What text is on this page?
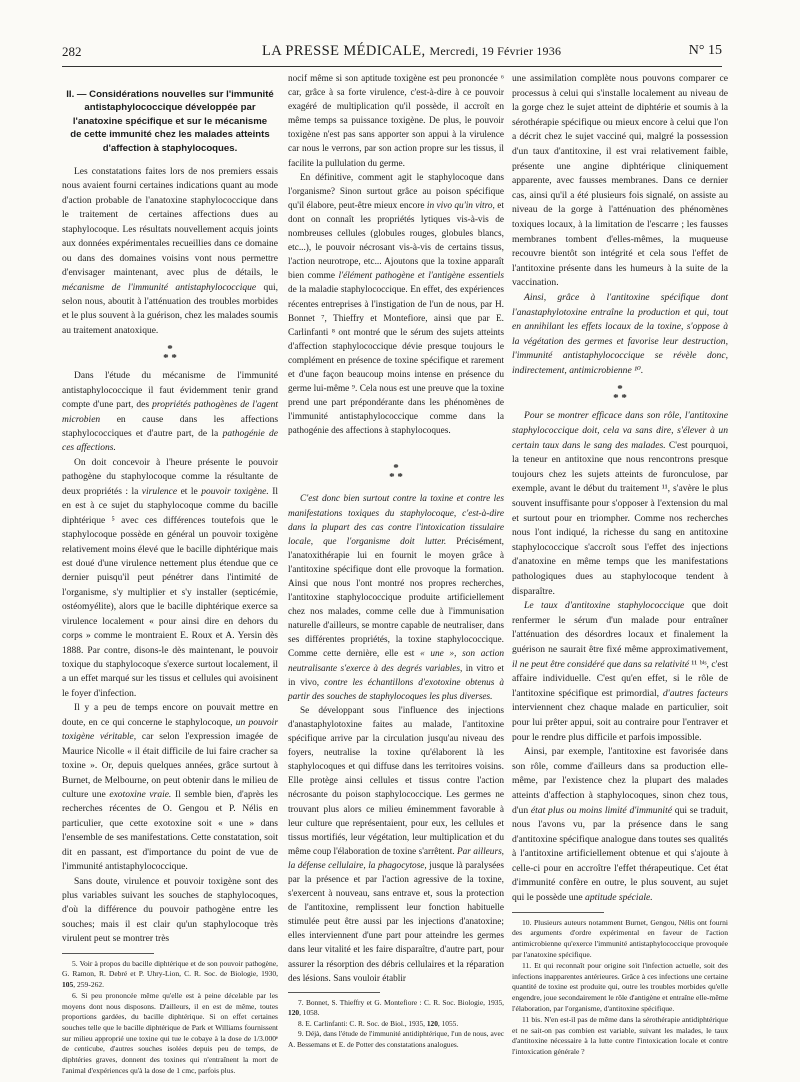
282	LA PRESSE MÉDICALE, Mercredi, 19 Février 1936	N° 15
II. — Considérations nouvelles sur l'immunité antistaphylococcique développée par l'anatoxine spécifique et sur le mécanisme de cette immunité chez les malades atteints d'affection à staphylocoques.

Les constatations faites lors de nos premiers essais nous avaient fourni certaines indications quant au mode d'action probable de l'anatoxine staphylococcique dans le traitement de certaines affections dues au staphylocoque. Les résultats nouvellement acquis joints aux données expérimentales recueillies dans ce domaine ou dans des domaines voisins vont nous permettre d'envisager maintenant, avec plus de détails, le mécanisme de l'immunité antistaphylococcique qui, selon nous, aboutit à l'atténuation des troubles morbides et le plus souvent à la guérison, chez les malades soumis au traitement anatoxique.

*
* *

Dans l'étude du mécanisme de l'immunité antistaphylococcique il faut évidemment tenir grand compte d'une part, des propriétés pathogènes de l'agent microbien en cause dans les affections staphylococciques et d'autre part, de la pathogénie de ces affections.

On doit concevoir à l'heure présente le pouvoir pathogène du staphylocoque comme la résultante de deux propriétés : la virulence et le pouvoir toxigène. Il en est à ce sujet du staphylocoque comme du bacille diphtérique ⁵ avec ces différences toutefois que le staphylocoque possède en général un pouvoir toxigène relativement moins élevé que le bacille diphtérique mais est doué d'une virulence nettement plus étendue que ce dernier puisqu'il peut pénétrer dans l'intimité de l'organisme, s'y multiplier et s'y installer (septicémie, ostéomyélite), alors que le bacille diphtérique exerce sa virulence localement « pour ainsi dire en dehors du corps » comme le montraient E. Roux et A. Yersin dès 1888. Par contre, disons-le dès maintenant, le pouvoir toxique du staphylocoque s'exerce surtout localement, il a un effet marqué sur les tissus et cellules qui avoisinent le foyer d'infection.

Il y a peu de temps encore on pouvait mettre en doute, en ce qui concerne le staphylocoque, un pouvoir toxigène véritable, car selon l'expression imagée de Maurice Nicolle « il était difficile de lui faire cracher sa toxine ». Or, depuis quelques années, grâce surtout à Burnet, de Melbourne, on peut obtenir dans le milieu de culture une exotoxine vraie. Il semble bien, d'après les recherches récentes de O. Gengou et P. Nélis en particulier, que cette exotoxine soit « une » dans l'ensemble de ses manifestations. Cette constatation, soit dit en passant, est d'importance du point de vue de l'immunité antistaphylococcique.

Sans doute, virulence et pouvoir toxigène sont des plus variables suivant les souches de staphylocoques, d'où la différence du pouvoir pathogène entre les souches; mais il est clair qu'un staphylocoque très virulent peut se montrer très

5. Voir à propos du bacille diphtérique et de son pouvoir pathogène, G. Ramon, R. Debré et P. Uhry-Lion, C. R. Soc. de Biologie, 1930, 105, 259-262.

6. Si peu prononcée même qu'elle est à peine décelable par les moyens dont nous disposons. D'ailleurs, il en est de même, toutes proportions gardées, du bacille diphtérique. Si on effet certaines souches telle que le bacille diphtérique de Park et Williams fournissent sur milieu approprié une toxine qui tue le cobaye à la dose de 1/3.000ᵉ de centicube, d'autres souches isolées depuis peu de temps, de diphtéries graves, donnent des toxines qui n'entraînent la mort de l'animal d'expériences qu'à la dose de 1 cmc, parfois plus.

nocif même si son aptitude toxigène est peu prononcée ⁶ car, grâce à sa forte virulence, c'est-à-dire à ce pouvoir exagéré de multiplication qu'il possède, il accroît en même temps sa puissance toxigène. De plus, le pouvoir toxigène n'est pas sans apporter son appui à la virulence car nous le verrons, par son action propre sur les tissus, il facilite la pullulation du germe.

En définitive, comment agit le staphylocoque dans l'organisme? Sinon surtout grâce au poison spécifique qu'il élabore, peut-être mieux encore in vivo qu'in vitro, et dont on connaît les propriétés lytiques vis-à-vis de nombreuses cellules (globules rouges, globules blancs, etc...), le pouvoir nécrosant vis-à-vis de certains tissus, l'action neurotrope, etc... Ajoutons que la toxine apparaît bien comme l'élément pathogène et l'antigène essentiels de la maladie staphylococcique. En effet, des expériences récentes entreprises à l'instigation de l'un de nous, par H. Bonnet ⁷, Thieffry et Montefiore, ainsi que par E. Carlinfanti ⁸ ont montré que le sérum des sujets atteints d'affection staphylococcique dévie presque toujours le complément en présence de toxine spécifique et rarement et d'une façon beaucoup moins intense en présence du germe lui-même ⁹. Cela nous est une preuve que la toxine prend une part prépondérante dans les phénomènes de l'immunité antistaphylococcique comme dans la pathogénie des affections à staphylocoques.

*
* *

C'est donc bien surtout contre la toxine et contre les manifestations toxiques du staphylocoque, c'est-à-dire dans la plupart des cas contre l'intoxication tissulaire locale, que l'organisme doit lutter. Précisément, l'anatoxithérapie lui en fournit le moyen grâce à l'antitoxine spécifique dont elle provoque la formation. Ainsi que nous l'ont montré nos propres recherches, l'antitoxine staphylococcique produite artificiellement chez nos malades, comme celle due à l'immunisation naturelle d'ailleurs, se montre capable de neutraliser, dans ses différentes propriétés, la toxine staphylococcique. Comme cette dernière, elle est « une », son action neutralisante s'exerce à des degrés variables, in vitro et in vivo, contre les échantillons d'exotoxine obtenus à partir des souches de staphylocoques les plus diverses.

Se développant sous l'influence des injections d'anastaphylotoxine faites au malade, l'antitoxine spécifique arrive par la circulation jusqu'au niveau des foyers, neutralise la toxine qu'élaborent là les staphylocoques et qui diffuse dans les territoires voisins. Elle protège ainsi cellules et tissus contre l'action nécrosante du poison staphylococcique. Les germes ne trouvant plus alors ce milieu éminemment favorable à leur culture que représentaient, pour eux, les cellules et tissus mortifiés, leur végétation, leur multiplication et du même coup l'élaboration de toxine s'arrêtent. Par ailleurs, la défense cellulaire, la phagocytose, jusque là paralysées par la présence et par l'action agressive de la toxine, s'exercent à nouveau, sans entrave et, sous la protection de l'antitoxine, remplissent leur fonction habituelle stimulée peut être aussi par les injections d'anatoxine; elles interviennent d'une part pour atteindre les germes dans leur vitalité et les faire disparaître, d'autre part, pour assurer la résorption des débris cellulaires et la réparation des lésions. Sans vouloir établir

7. Bonnet, S. Thieffry et G. Montefiore : C. R. Soc. Biologie, 1935, 120, 1058.

8. E. Carlinfanti: C. R. Soc. de Biol., 1935, 120, 1055.

9. Déjà, dans l'étude de l'immunité antidiphtérique, l'un de nous, avec A. Bessemans et E. de Potter des constatations analogues.

une assimilation complète nous pouvons comparer ce processus à celui qui s'installe localement au niveau de la gorge chez le sujet atteint de diphtérie et soumis à la sérothérapie spécifique ou mieux encore à celui que l'on a décrit chez le sujet vacciné qui, malgré la possession d'un taux d'antitoxine, il est vrai relativement faible, présente une angine diphtérique cliniquement apparente, avec fausses membranes. Dans ce dernier cas, ainsi qu'il a été plusieurs fois signalé, on assiste au niveau de la gorge à l'atténuation des phénomènes toxiques locaux, à la limitation de l'escarre ; les fausses membranes tombent d'elles-mêmes, la muqueuse recouvre bientôt son intégrité et cela sous l'effet de l'antitoxine présente dans les humeurs à la suite de la vaccination.

Ainsi, grâce à l'antitoxine spécifique dont l'anastaphylotoxine entraîne la production et qui, tout en annihilant les effets locaux de la toxine, s'oppose à la végétation des germes et favorise leur destruction, l'immunité antistaphylococcique se révèle donc, indirectement, antimicrobienne ¹⁰.

*
* *

Pour se montrer efficace dans son rôle, l'antitoxine staphylococcique doit, cela va sans dire, s'élever à un certain taux dans le sang des malades. C'est pourquoi, la teneur en antitoxine que nous rencontrons presque toujours chez les sujets atteints de furonculose, par exemple, avant le début du traitement ¹¹, s'avère le plus souvent insuffisante pour s'opposer à l'extension du mal et surtout pour en triompher. Comme nos recherches nous l'ont indiqué, la richesse du sang en antitoxine staphylococcique s'accroît sous l'effet des injections d'anatoxine en même temps que les manifestations pathologiques dues au staphylocoque tendent à disparaître.

Le taux d'antitoxine staphylococcique que doit renfermer le sérum d'un malade pour entraîner l'atténuation des désordres locaux et finalement la guérison ne saurait être fixé même approximativement, il ne peut être considéré que dans sa relativité ¹¹ ᵇⁱˢ, c'est affaire individuelle. C'est qu'en effet, si le rôle de l'antitoxine spécifique est primordial, d'autres facteurs interviennent chez chaque malade en particulier, soit pour lui prêter appui, soit au contraire pour l'entraver et pour le rendre plus difficile et parfois impossible.

Ainsi, par exemple, l'antitoxine est favorisée dans son rôle, comme d'ailleurs dans sa production elle-même, par l'existence chez la plupart des malades atteints d'affection à staphylocoques, sinon chez tous, d'un état plus ou moins limité d'immunité qui se traduit, nous l'avons vu, par la présence dans le sang d'antitoxine spécifique analogue dans toutes ses qualités à l'antitoxine artificiellement obtenue et qui s'ajoute à celle-ci pour en accroître l'effet thérapeutique. Cet état d'immunité confère en outre, le plus souvent, au sujet qui le possède une aptitude spéciale.

10. Plusieurs auteurs notamment Burnet, Gengou, Nélis ont fourni des arguments d'ordre expérimental en faveur de l'action antimicrobienne qu'exerce l'immunité antistaphylococcique provoquée par l'anatoxine spécifique.

11. Et qui reconnaît pour origine soit l'infection actuelle, soit des infections inapparentes antérieures. Grâce à ces infections une certaine quantité de toxine est produite qui, outre les troubles morbides qu'elle engendre, joue secondairement le rôle d'antigène et entraîne elle-même l'élaboration, par l'organisme, d'antitoxine spécifique.

11 bis. N'en est-il pas de même dans la sérothérapie antidiphtérique et ne sait-on pas combien est variable, suivant les malades, le taux d'antitoxine nécessaire à la lutte contre l'intoxication locale et contre l'intoxication générale ?
